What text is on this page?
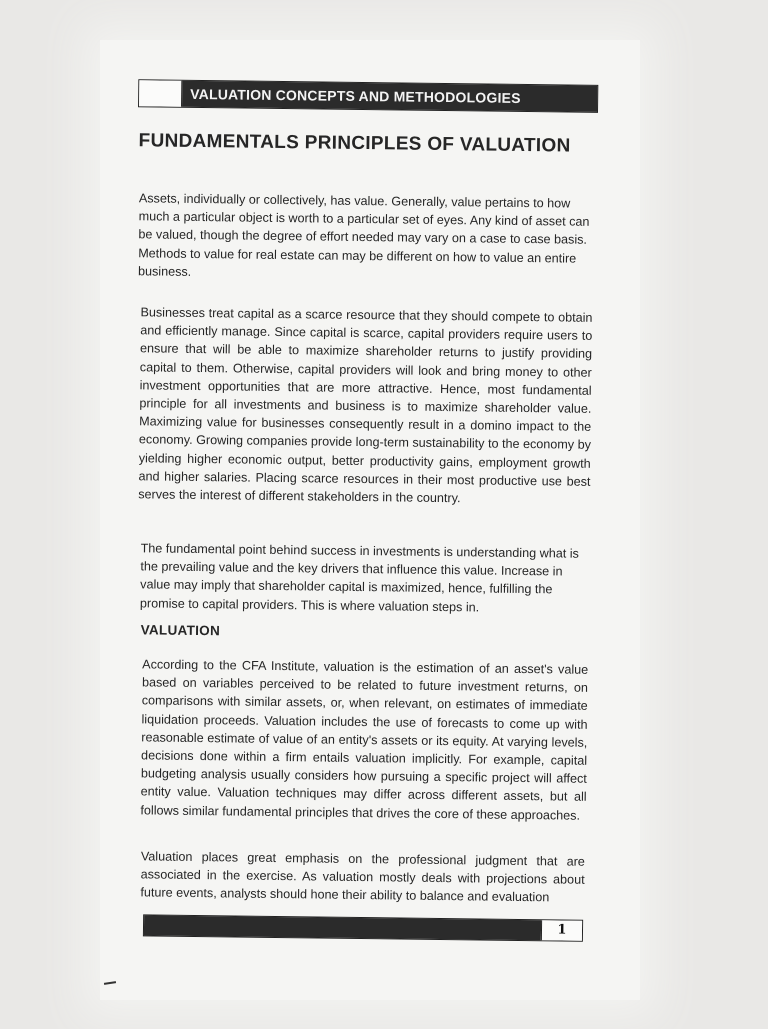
VALUATION CONCEPTS AND METHODOLOGIES
FUNDAMENTALS PRINCIPLES OF VALUATION

Assets, individually or collectively, has value. Generally, value pertains to how much a particular object is worth to a particular set of eyes. Any kind of asset can be valued, though the degree of effort needed may vary on a case to case basis. Methods to value for real estate can may be different on how to value an entire business.

Businesses treat capital as a scarce resource that they should compete to obtain and efficiently manage. Since capital is scarce, capital providers require users to ensure that will be able to maximize shareholder returns to justify providing capital to them. Otherwise, capital providers will look and bring money to other investment opportunities that are more attractive. Hence, most fundamental principle for all investments and business is to maximize shareholder value. Maximizing value for businesses consequently result in a domino impact to the economy. Growing companies provide long-term sustainability to the economy by yielding higher economic output, better productivity gains, employment growth and higher salaries. Placing scarce resources in their most productive use best serves the interest of different stakeholders in the country.

The fundamental point behind success in investments is understanding what is the prevailing value and the key drivers that influence this value. Increase in value may imply that shareholder capital is maximized, hence, fulfilling the promise to capital providers. This is where valuation steps in.

VALUATION

According to the CFA Institute, valuation is the estimation of an asset's value based on variables perceived to be related to future investment returns, on comparisons with similar assets, or, when relevant, on estimates of immediate liquidation proceeds. Valuation includes the use of forecasts to come up with reasonable estimate of value of an entity's assets or its equity. At varying levels, decisions done within a firm entails valuation implicitly. For example, capital budgeting analysis usually considers how pursuing a specific project will affect entity value. Valuation techniques may differ across different assets, but all follows similar fundamental principles that drives the core of these approaches.

Valuation places great emphasis on the professional judgment that are associated in the exercise. As valuation mostly deals with projections about future events, analysts should hone their ability to balance and evaluation

1
